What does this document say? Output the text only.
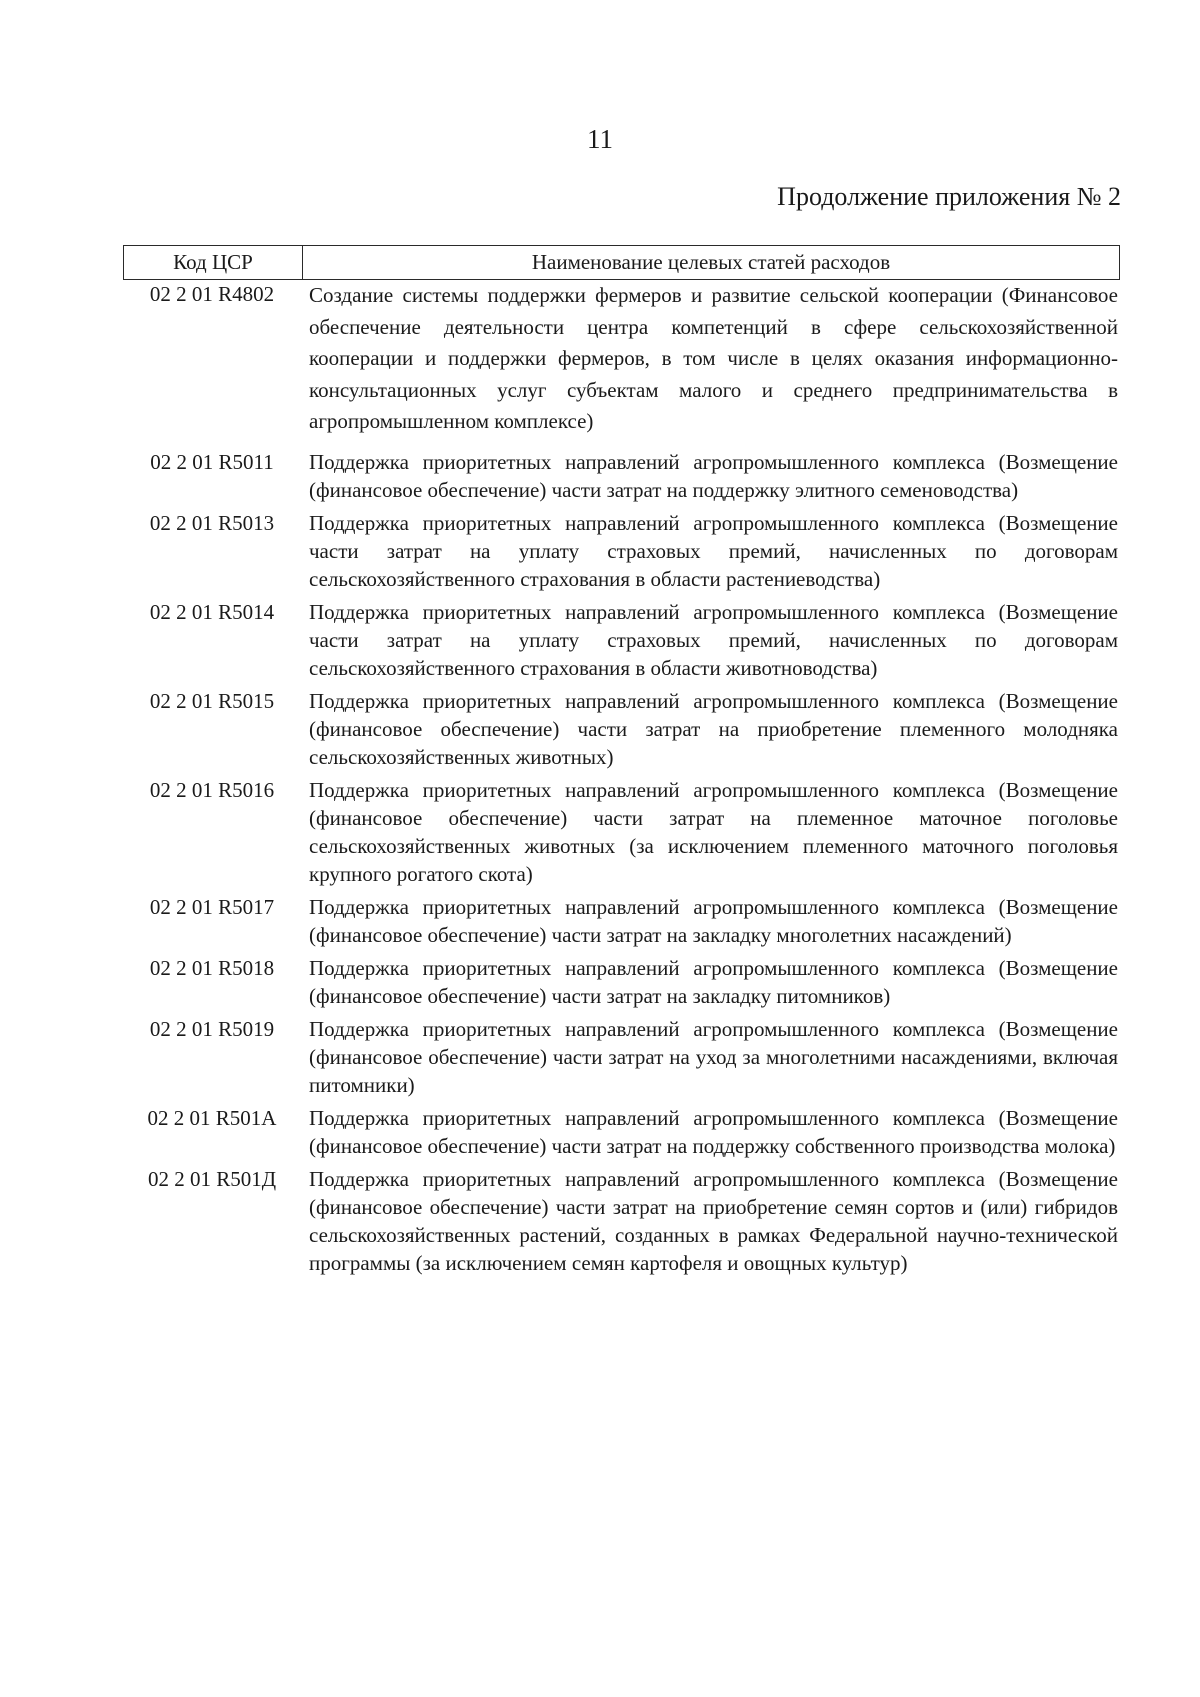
11
Продолжение приложения № 2
Код ЦСР	Наименование целевых статей расходов
02 2 01 R4802	Создание системы поддержки фермеров и развитие сельской кооперации (Финансовое обеспечение деятельности центра компетенций в сфере сельскохозяйственной кооперации и поддержки фермеров, в том числе в целях оказания информационно-консультационных услуг субъектам малого и среднего предпринимательства в агропромышленном комплексе)
02 2 01 R5011	Поддержка приоритетных направлений агропромышленного комплекса (Возмещение (финансовое обеспечение) части затрат на поддержку элитного семеноводства)
02 2 01 R5013	Поддержка приоритетных направлений агропромышленного комплекса (Возмещение части затрат на уплату страховых премий, начисленных по договорам сельскохозяйственного страхования в области растениеводства)
02 2 01 R5014	Поддержка приоритетных направлений агропромышленного комплекса (Возмещение части затрат на уплату страховых премий, начисленных по договорам сельскохозяйственного страхования в области животноводства)
02 2 01 R5015	Поддержка приоритетных направлений агропромышленного комплекса (Возмещение (финансовое обеспечение) части затрат на приобретение племенного молодняка сельскохозяйственных животных)
02 2 01 R5016	Поддержка приоритетных направлений агропромышленного комплекса (Возмещение (финансовое обеспечение) части затрат на племенное маточное поголовье сельскохозяйственных животных (за исключением племенного маточного поголовья крупного рогатого скота)
02 2 01 R5017	Поддержка приоритетных направлений агропромышленного комплекса (Возмещение (финансовое обеспечение) части затрат на закладку многолетних насаждений)
02 2 01 R5018	Поддержка приоритетных направлений агропромышленного комплекса (Возмещение (финансовое обеспечение) части затрат на закладку питомников)
02 2 01 R5019	Поддержка приоритетных направлений агропромышленного комплекса (Возмещение (финансовое обеспечение) части затрат на уход за многолетними насаждениями, включая питомники)
02 2 01 R501А	Поддержка приоритетных направлений агропромышленного комплекса (Возмещение (финансовое обеспечение) части затрат на поддержку собственного производства молока)
02 2 01 R501Д	Поддержка приоритетных направлений агропромышленного комплекса (Возмещение (финансовое обеспечение) части затрат на приобретение семян сортов и (или) гибридов сельскохозяйственных растений, созданных в рамках Федеральной научно-технической программы (за исключением семян картофеля и овощных культур)
